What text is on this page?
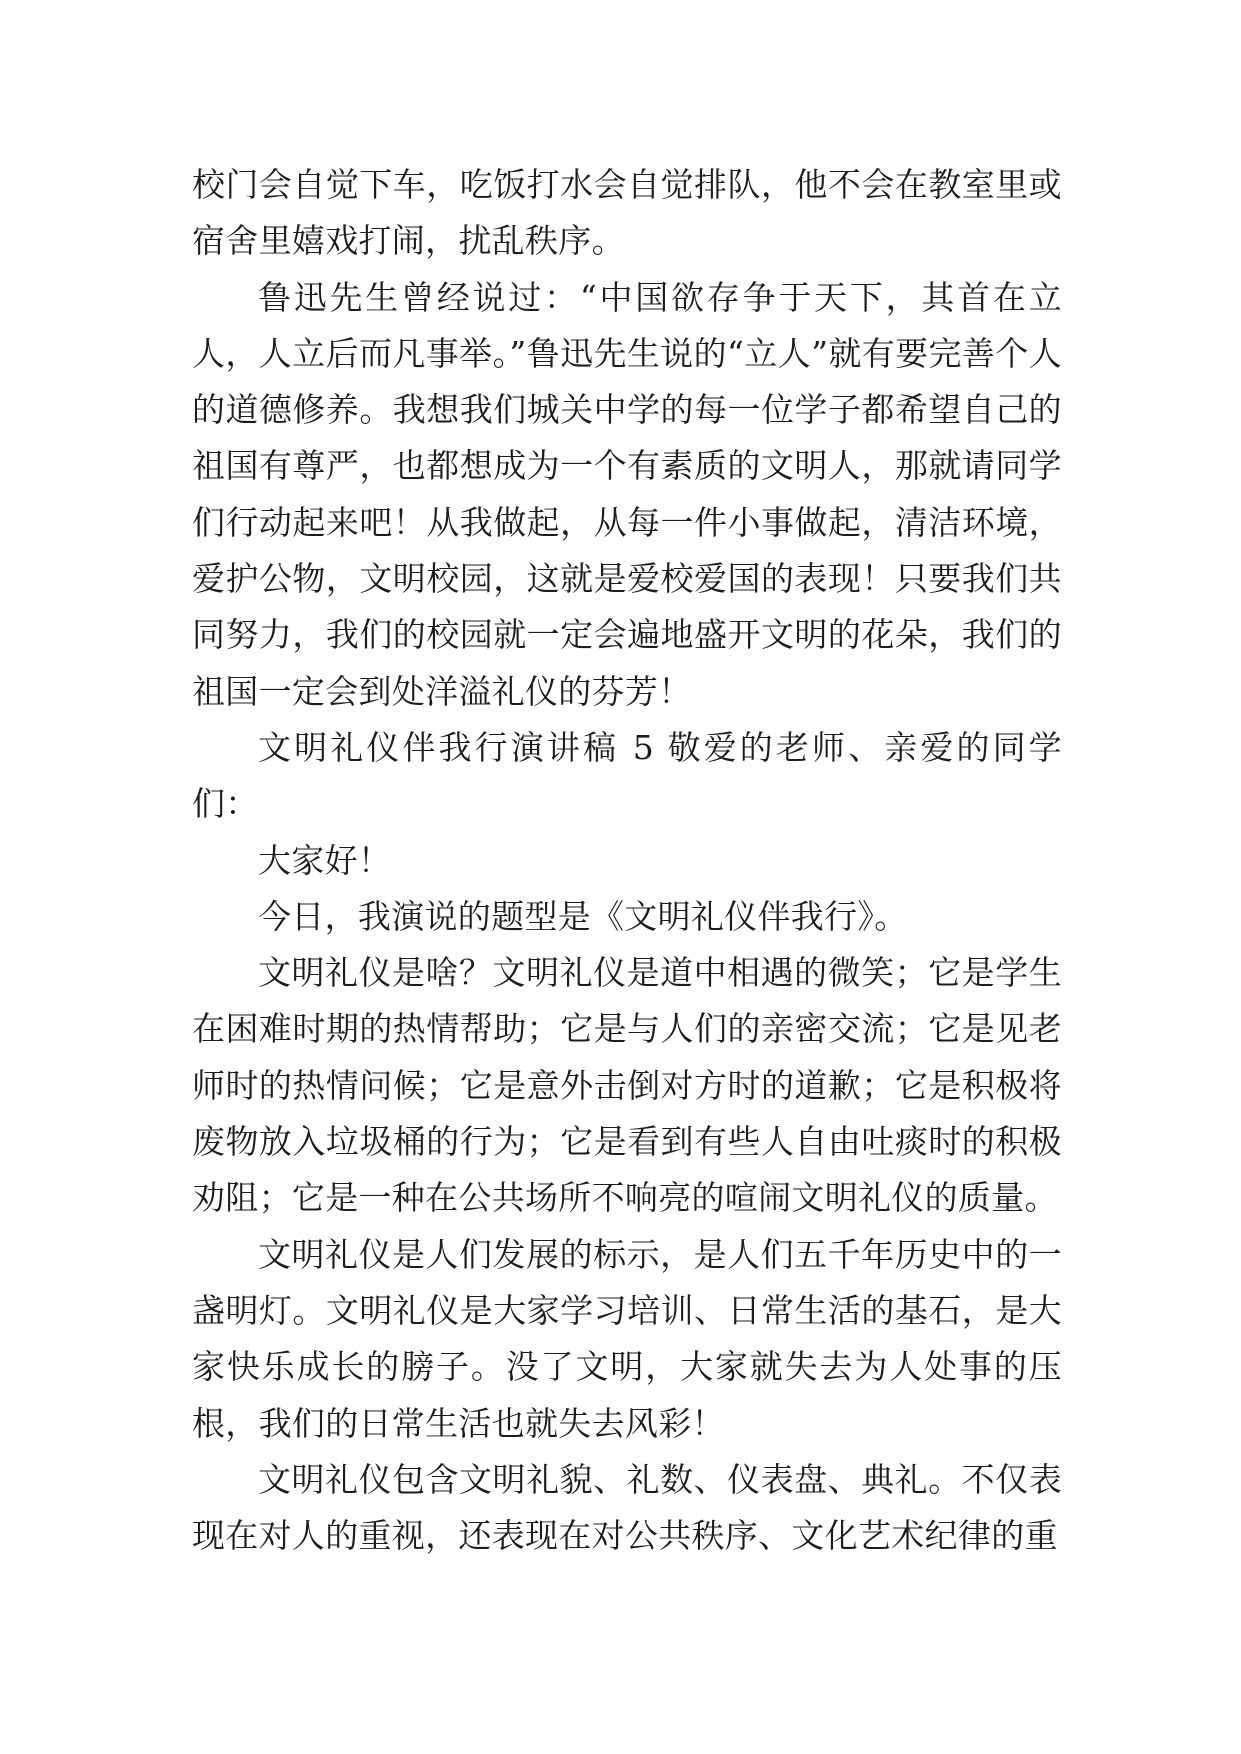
校门会自觉下车，吃饭打水会自觉排队，他不会在教室里或宿舍里嬉戏打闹，扰乱秩序。

鲁迅先生曾经说过：“中国欲存争于天下，其首在立人，人立后而凡事举。”鲁迅先生说的“立人”就有要完善个人的道德修养。我想我们城关中学的每一位学子都希望自己的祖国有尊严，也都想成为一个有素质的文明人，那就请同学们行动起来吧！从我做起，从每一件小事做起，清洁环境，爱护公物，文明校园，这就是爱校爱国的表现！只要我们共同努力，我们的校园就一定会遍地盛开文明的花朵，我们的祖国一定会到处洋溢礼仪的芬芳！

文明礼仪伴我行演讲稿 5 敬爱的老师、亲爱的同学们：

大家好！

今日，我演说的题型是《文明礼仪伴我行》。

文明礼仪是啥？文明礼仪是道中相遇的微笑；它是学生在困难时期的热情帮助；它是与人们的亲密交流；它是见老师时的热情问候；它是意外击倒对方时的道歉；它是积极将废物放入垃圾桶的行为；它是看到有些人自由吐痰时的积极劝阻；它是一种在公共场所不响亮的喧闹文明礼仪的质量。

文明礼仪是人们发展的标示，是人们五千年历史中的一盏明灯。文明礼仪是大家学习培训、日常生活的基石，是大家快乐成长的膀子。没了文明，大家就失去为人处事的压根，我们的日常生活也就失去风彩！

文明礼仪包含文明礼貌、礼数、仪表盘、典礼。不仅表现在对人的重视，还表现在对公共秩序、文化艺术纪律的重
